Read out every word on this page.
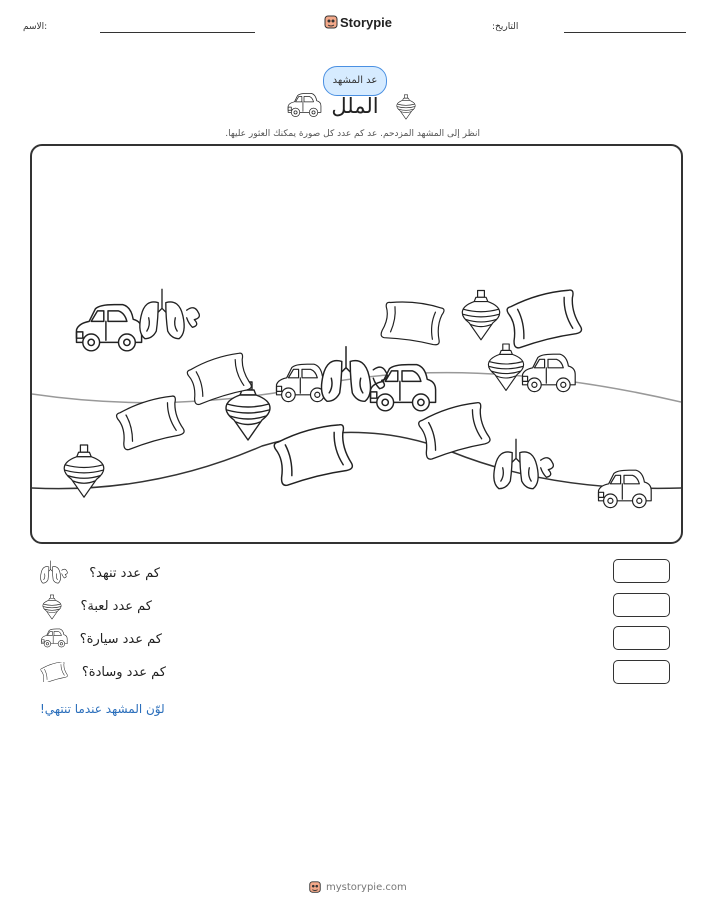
الاسم:	Storypie	التاريخ:
عد المشهد
الملل
انظر إلى المشهد المزدحم. عد كم عدد كل صورة يمكنك العثور عليها.
كم عدد تنهد؟
كم عدد لعبة؟
كم عدد سيارة؟
كم عدد وسادة؟
لوّن المشهد عندما تنتهي!
mystorypie.com
